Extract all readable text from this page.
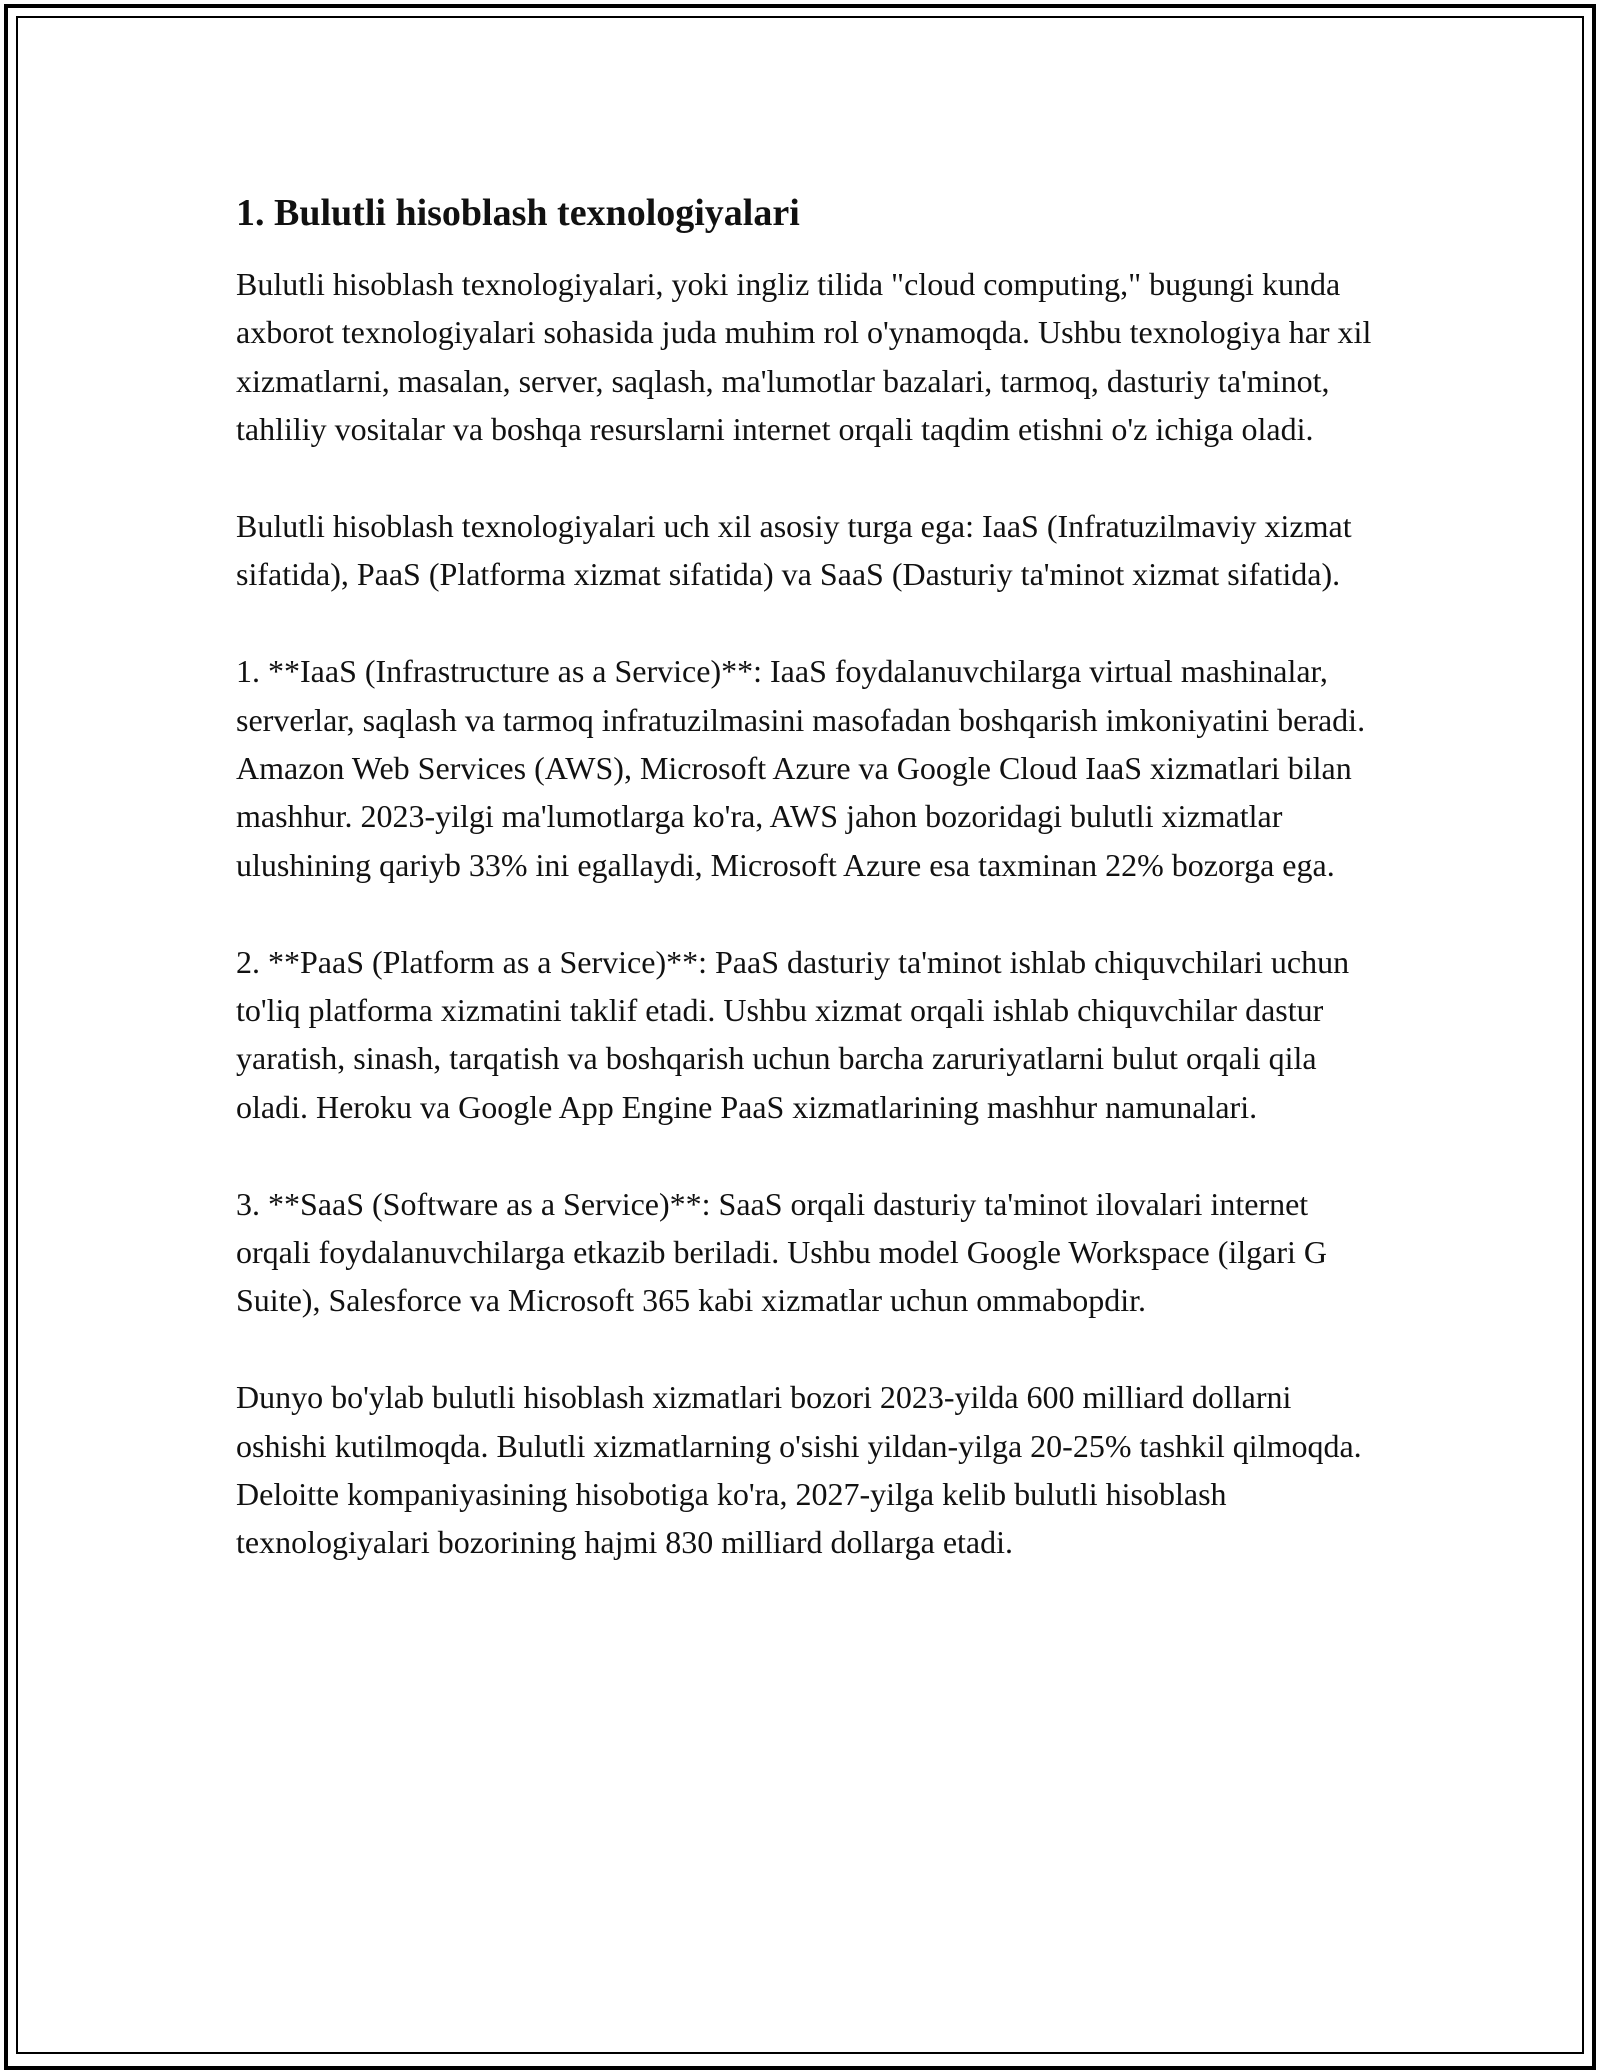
1. Bulutli hisoblash texnologiyalari

Bulutli hisoblash texnologiyalari, yoki ingliz tilida "cloud computing," bugungi kunda axborot texnologiyalari sohasida juda muhim rol o'ynamoqda. Ushbu texnologiya har xil xizmatlarni, masalan, server, saqlash, ma'lumotlar bazalari, tarmoq, dasturiy ta'minot, tahliliy vositalar va boshqa resurslarni internet orqali taqdim etishni o'z ichiga oladi.

Bulutli hisoblash texnologiyalari uch xil asosiy turga ega: IaaS (Infratuzilmaviy xizmat sifatida), PaaS (Platforma xizmat sifatida) va SaaS (Dasturiy ta'minot xizmat sifatida).

1. **IaaS (Infrastructure as a Service)**: IaaS foydalanuvchilarga virtual mashinalar, serverlar, saqlash va tarmoq infratuzilmasini masofadan boshqarish imkoniyatini beradi. Amazon Web Services (AWS), Microsoft Azure va Google Cloud IaaS xizmatlari bilan mashhur. 2023-yilgi ma'lumotlarga ko'ra, AWS jahon bozoridagi bulutli xizmatlar ulushining qariyb 33% ini egallaydi, Microsoft Azure esa taxminan 22% bozorga ega.

2. **PaaS (Platform as a Service)**: PaaS dasturiy ta'minot ishlab chiquvchilari uchun to'liq platforma xizmatini taklif etadi. Ushbu xizmat orqali ishlab chiquvchilar dastur yaratish, sinash, tarqatish va boshqarish uchun barcha zaruriyatlarni bulut orqali qila oladi. Heroku va Google App Engine PaaS xizmatlarining mashhur namunalari.

3. **SaaS (Software as a Service)**: SaaS orqali dasturiy ta'minot ilovalari internet orqali foydalanuvchilarga etkazib beriladi. Ushbu model Google Workspace (ilgari G Suite), Salesforce va Microsoft 365 kabi xizmatlar uchun ommabopdir.

Dunyo bo'ylab bulutli hisoblash xizmatlari bozori 2023-yilda 600 milliard dollarni oshishi kutilmoqda. Bulutli xizmatlarning o'sishi yildan-yilga 20-25% tashkil qilmoqda. Deloitte kompaniyasining hisobotiga ko'ra, 2027-yilga kelib bulutli hisoblash texnologiyalari bozorining hajmi 830 milliard dollarga etadi.
